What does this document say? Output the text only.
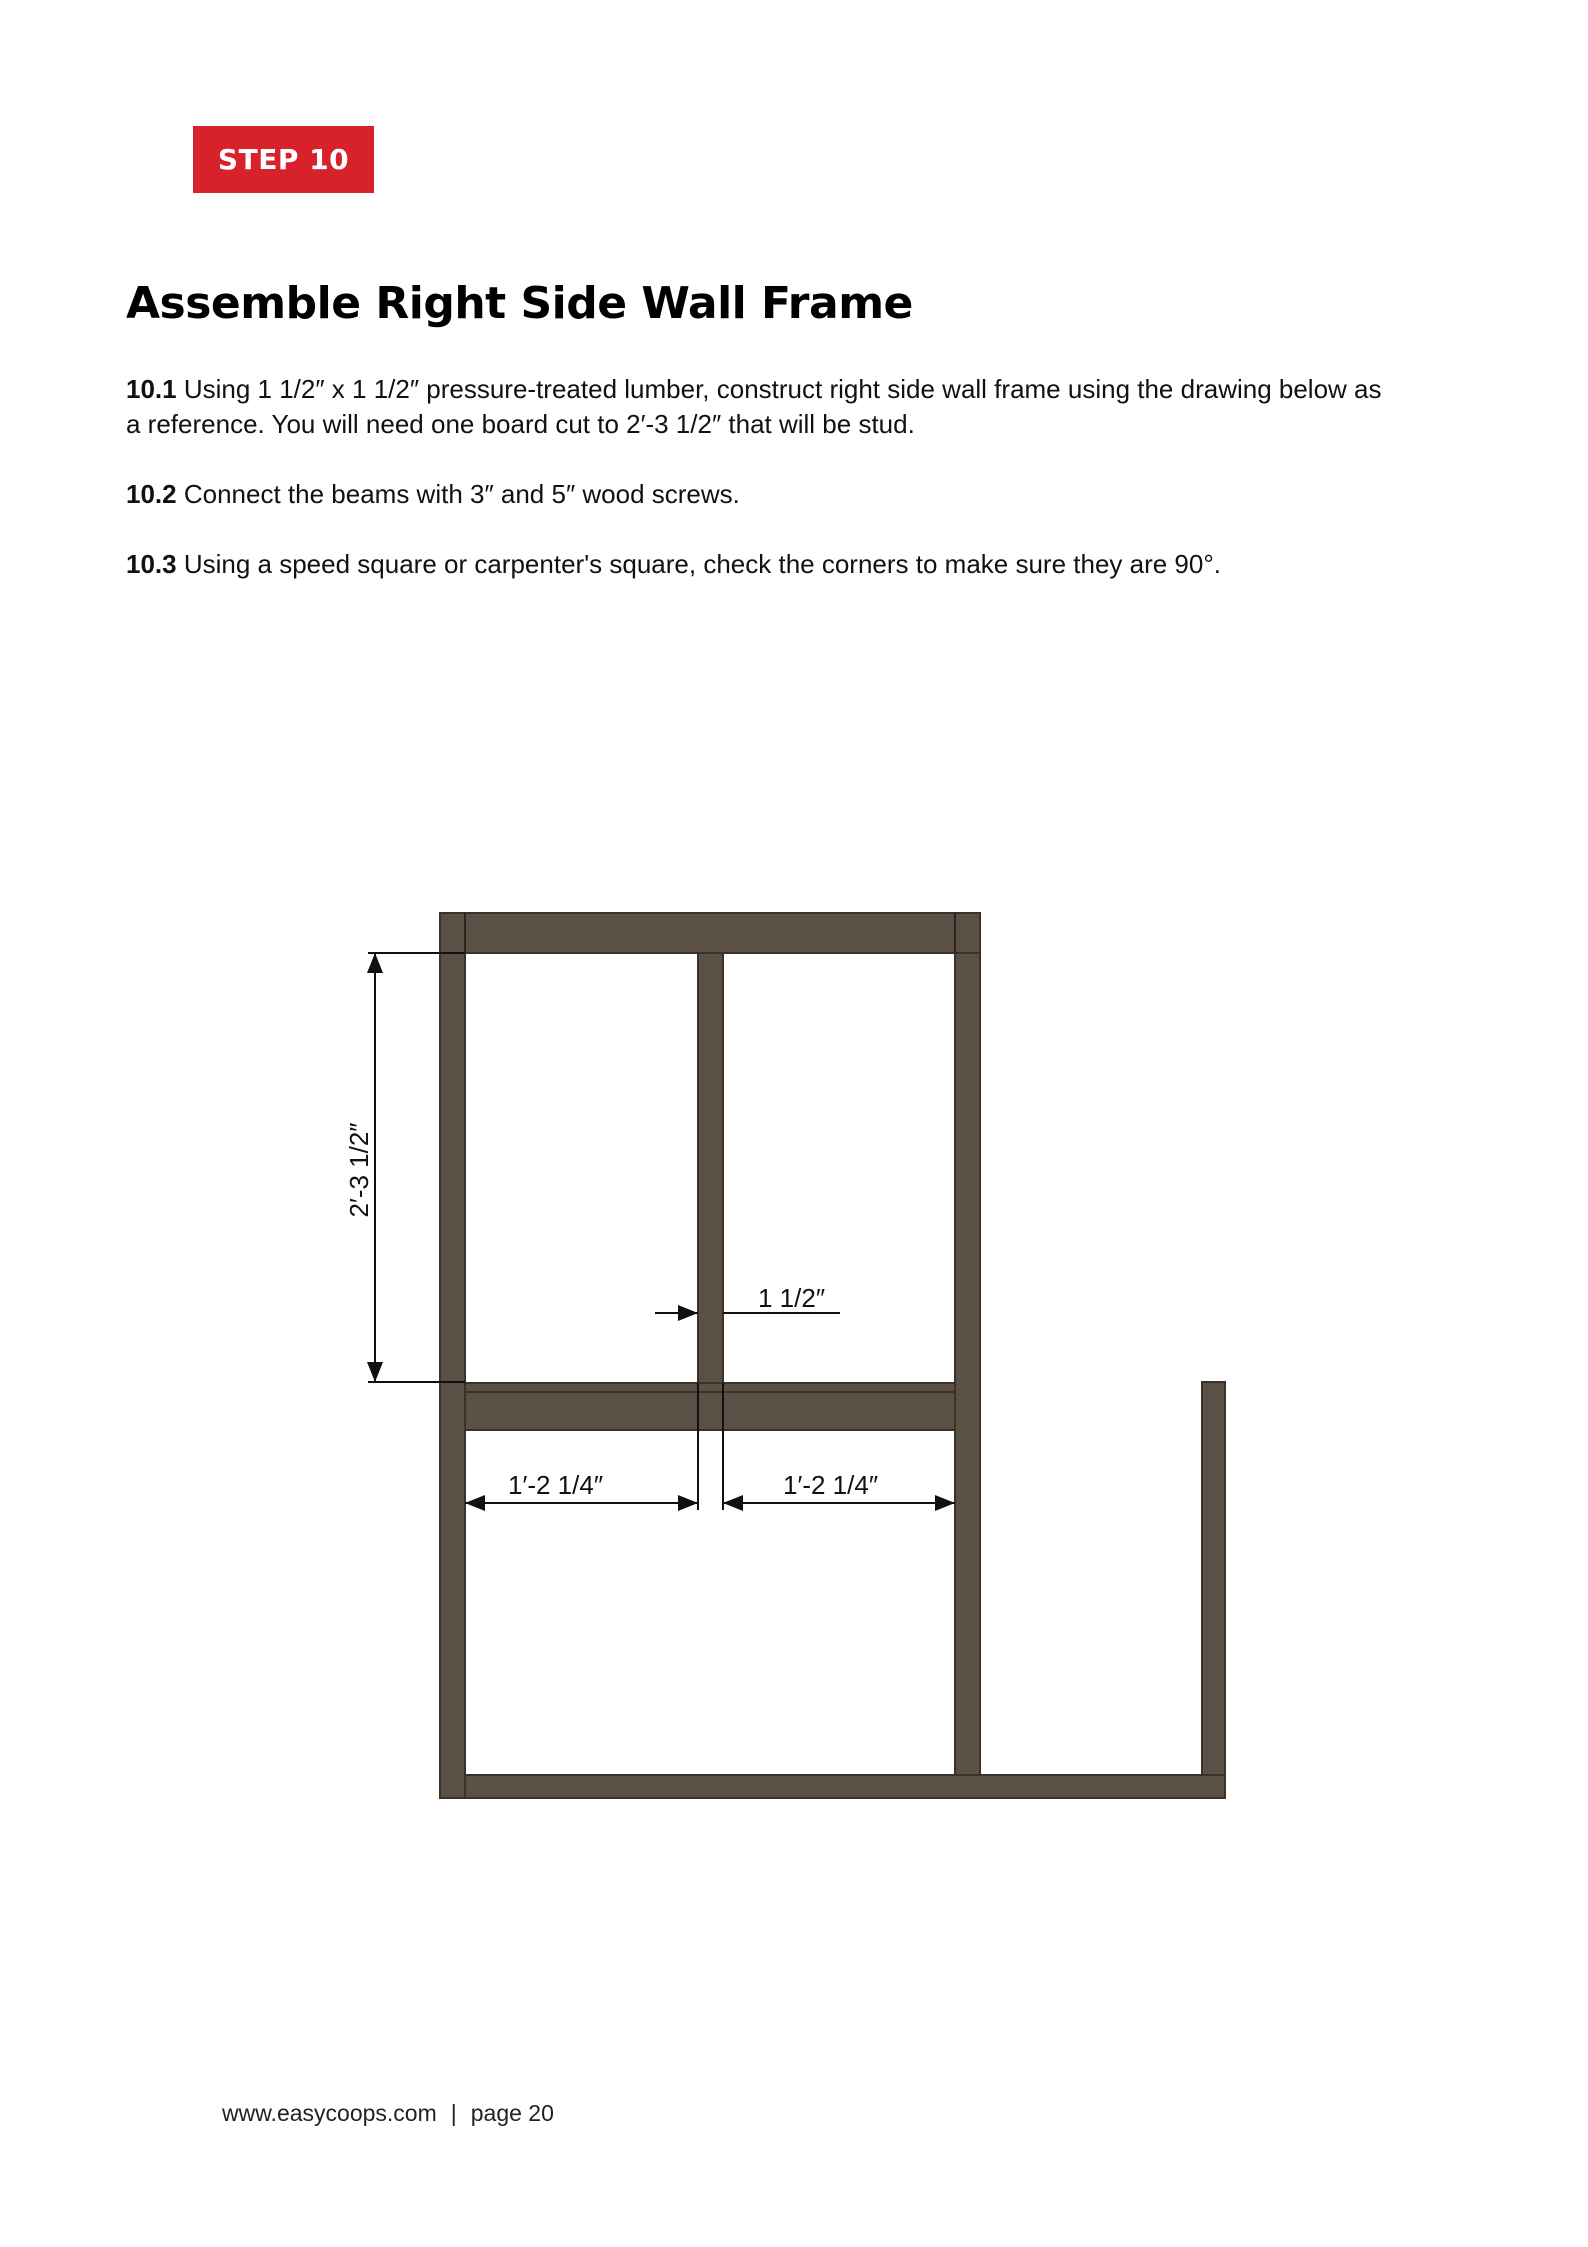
STEP 10
Assemble Right Side Wall Frame

10.1 Using 1 1/2″ x 1 1/2″ pressure-treated lumber, construct right side wall frame using the drawing below as a reference. You will need one board cut to 2′-3 1/2″ that will be stud.

10.2 Connect the beams with 3″ and 5″ wood screws.

10.3 Using a speed square or carpenter's square, check the corners to make sure they are 90°.

2′-3 1/2″
1 1/2″
1′-2 1/4″	1′-2 1/4″
www.easycoops.com | page 20
